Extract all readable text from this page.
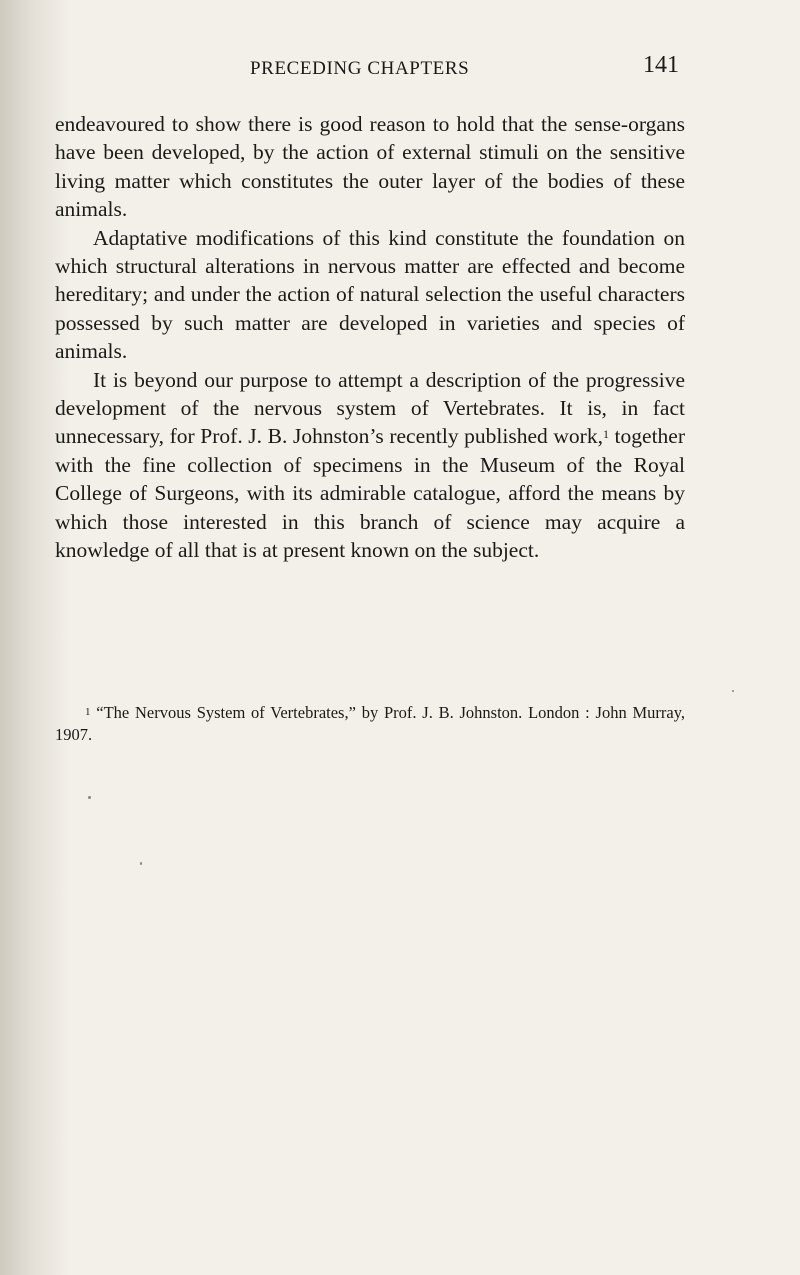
PRECEDING CHAPTERS	141

endeavoured to show there is good reason to hold that the sense-organs have been developed, by the action of external stimuli on the sensitive living matter which constitutes the outer layer of the bodies of these animals.

Adaptative modifications of this kind constitute the foundation on which structural alterations in nervous matter are effected and become hereditary; and under the action of natural selection the useful characters possessed by such matter are developed in varieties and species of animals.

It is beyond our purpose to attempt a description of the progressive development of the nervous system of Vertebrates. It is, in fact unnecessary, for Prof. J. B. Johnston’s recently published work,$^1$ together with the fine collection of specimens in the Museum of the Royal College of Surgeons, with its admirable catalogue, afford the means by which those interested in this branch of science may acquire a knowledge of all that is at present known on the subject.

$^1$ “The Nervous System of Vertebrates,” by Prof. J. B. Johnston. London : John Murray, 1907.
